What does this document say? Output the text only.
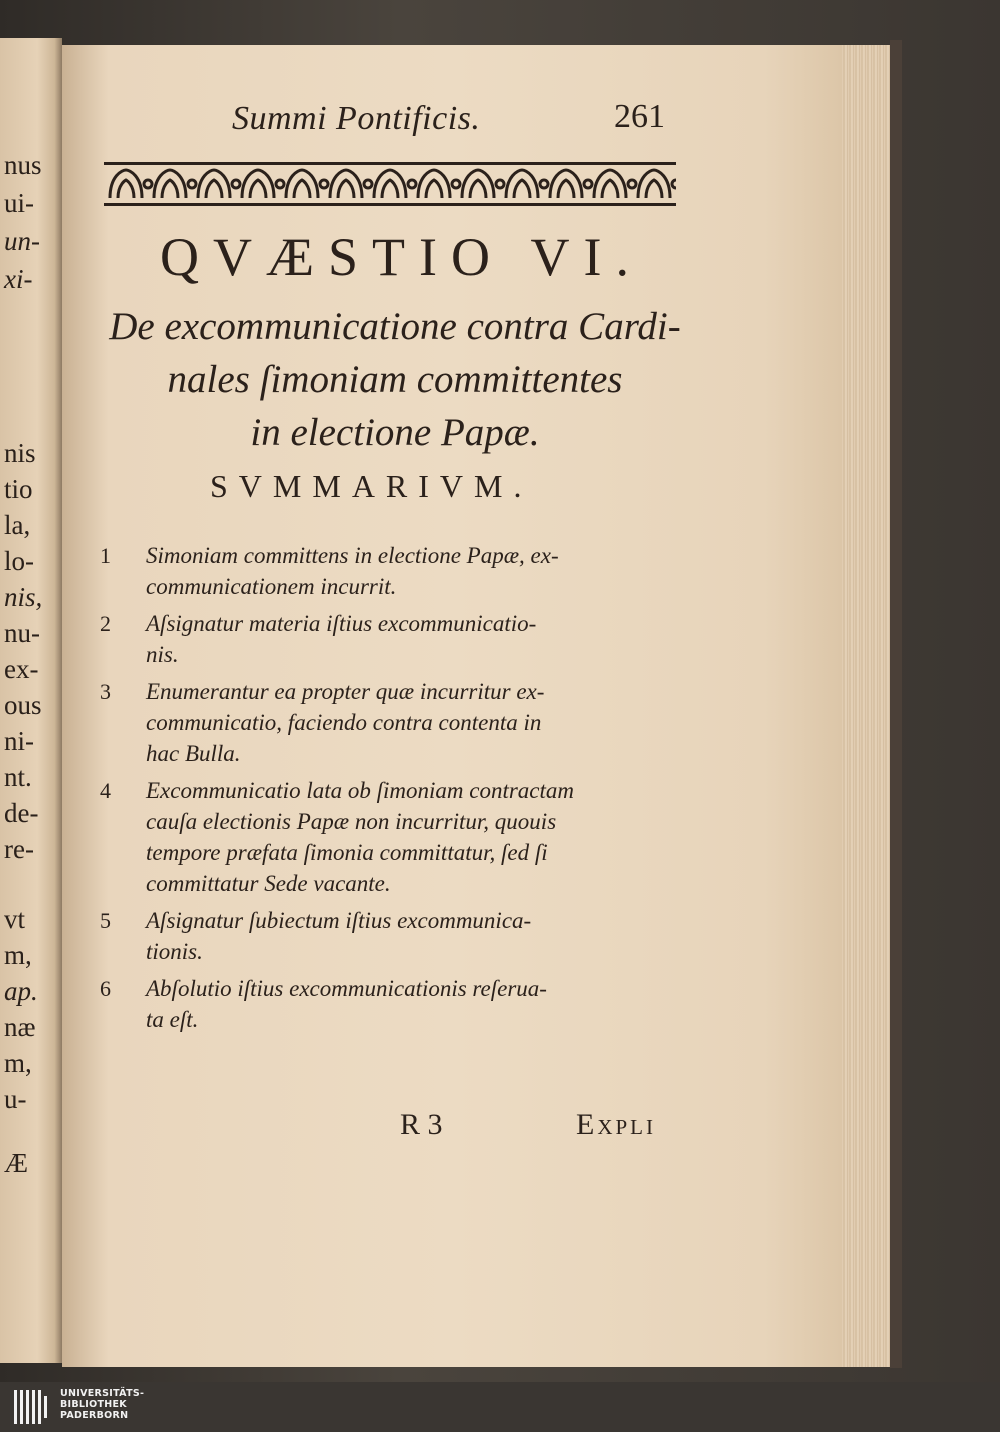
nus
ui-
un-
xi-
nis
tio
la,
lo-
nis,
nu-
ex-
ous
ni-
nt.
de-
re-
vt
m,
ap.
næ
m,
u-
Æ
Summi Pontificis.	261
QVÆSTIO VI.
De excommunicatione contra Cardi-
nales ſimoniam committentes
in electione Papæ.
SVMMARIVM.
1	Simoniam committens in electione Papæ, ex-
communicationem incurrit.
2	Aſsignatur materia iſtius excommunicatio-
nis.
3	Enumerantur ea propter quæ incurritur ex-
communicatio, faciendo contra contenta in
hac Bulla.
4	Excommunicatio lata ob ſimoniam contractam
cauſa electionis Papæ non incurritur, quouis
tempore præfata ſimonia committatur, ſed ſi
committatur Sede vacante.
5	Aſsignatur ſubiectum iſtius excommunica-
tionis.
6	Abſolutio iſtius excommunicationis reſerua-
ta eſt.
R 3	Expli
UNIVERSITÄTS-
BIBLIOTHEK
PADERBORN
